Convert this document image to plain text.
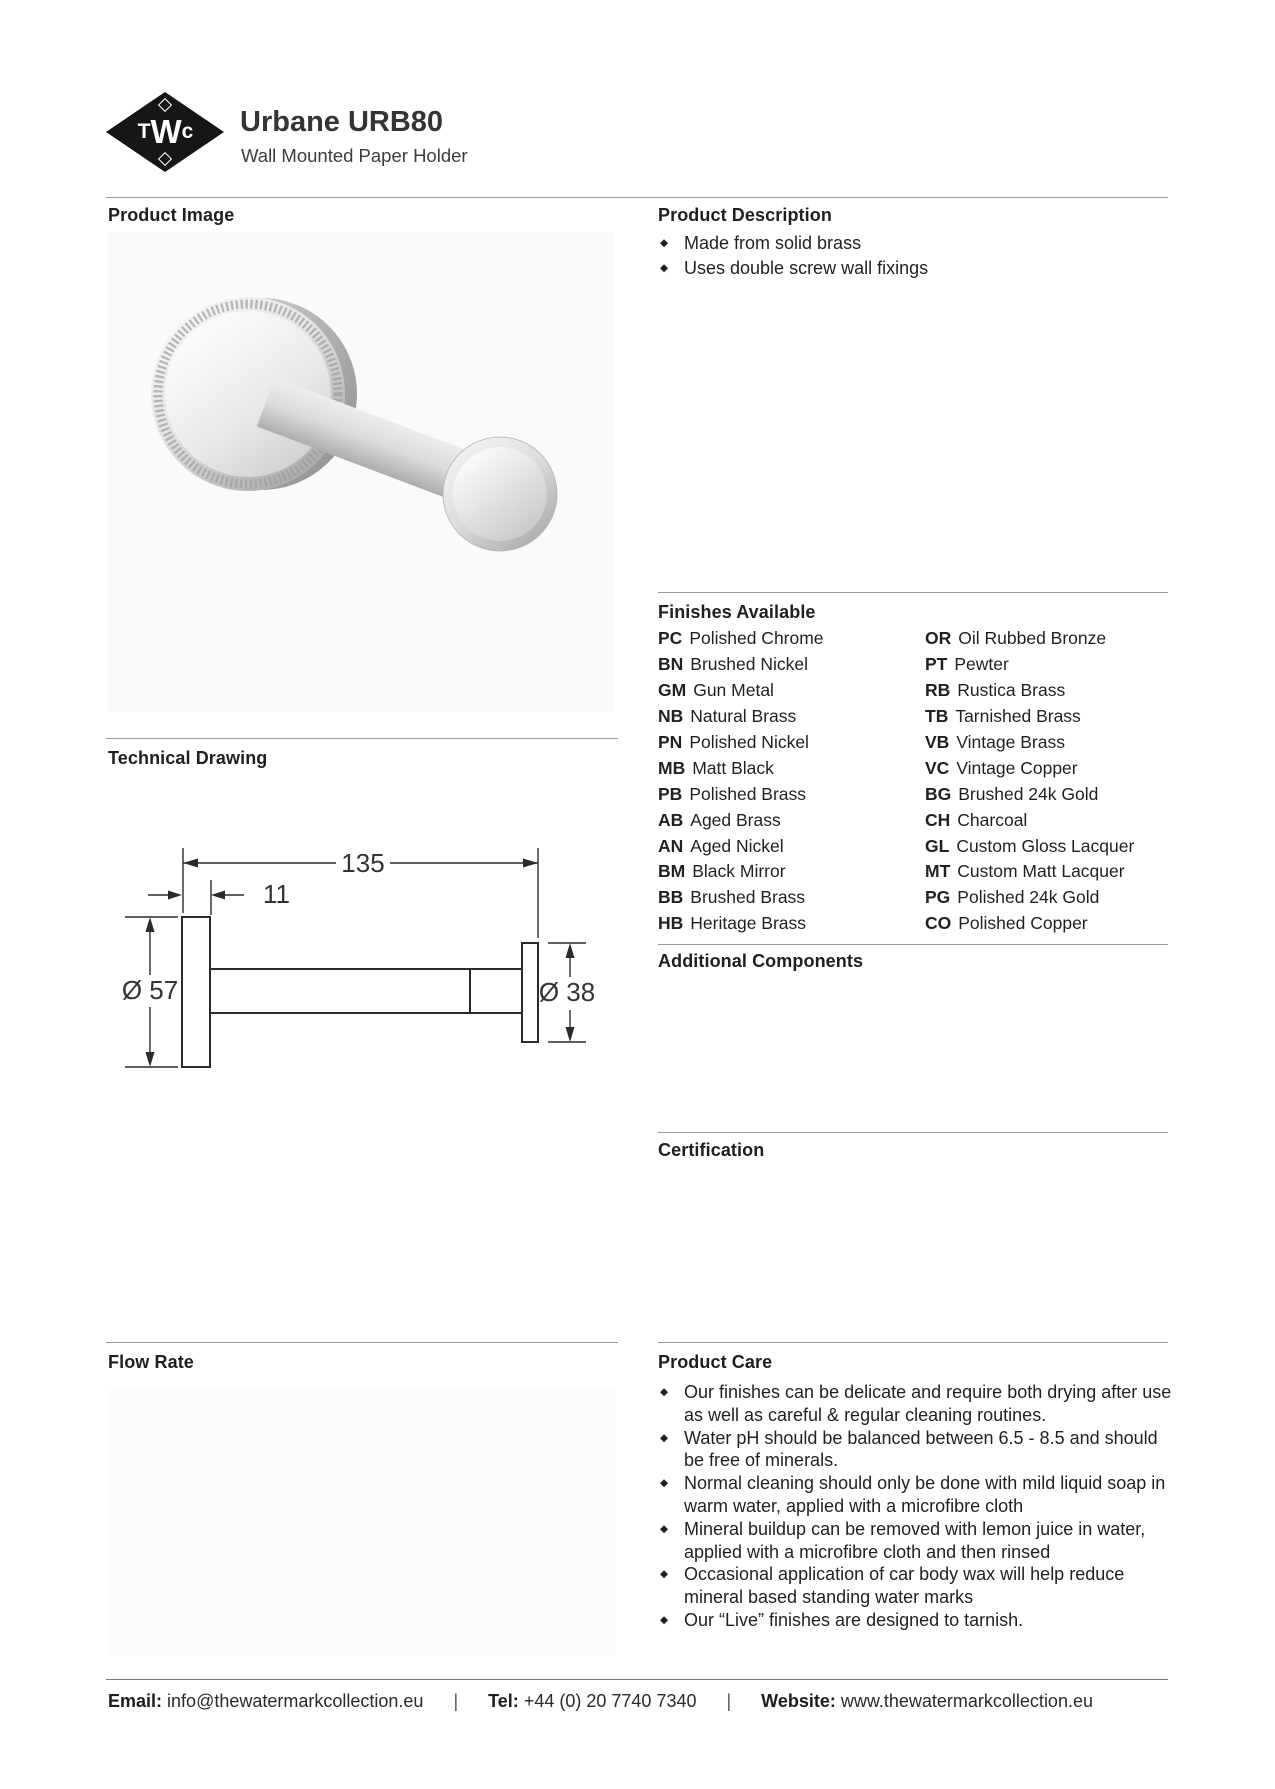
T W c Urbane URB80
Wall Mounted Paper Holder
Product Image
Technical Drawing
135
11
Ø 57	Ø 38
Product Description
◆ Made from solid brass
◆ Uses double screw wall fixings
Finishes Available
PC Polished Chrome
BN Brushed Nickel
GM Gun Metal
NB Natural Brass
PN Polished Nickel
MB Matt Black
PB Polished Brass
AB Aged Brass
AN Aged Nickel
BM Black Mirror
BB Brushed Brass
HB Heritage Brass
OR Oil Rubbed Bronze
PT Pewter
RB Rustica Brass
TB Tarnished Brass
VB Vintage Brass
VC Vintage Copper
BG Brushed 24k Gold
CH Charcoal
GL Custom Gloss Lacquer
MT Custom Matt Lacquer
PG Polished 24k Gold
CO Polished Copper
Additional Components
Certification
Flow Rate	Product Care
◆ Our finishes can be delicate and require both drying after use as well as careful & regular cleaning routines.
◆ Water pH should be balanced between 6.5 - 8.5 and should be free of minerals.
◆ Normal cleaning should only be done with mild liquid soap in warm water, applied with a microfibre cloth
◆ Mineral buildup can be removed with lemon juice in water, applied with a microfibre cloth and then rinsed
◆ Occasional application of car body wax will help reduce mineral based standing water marks
◆ Our “Live” finishes are designed to tarnish.
Email:
info@thewatermarkcollection.eu | Tel:
+44 (0) 20 7740 7340 | Website:
www.thewatermarkcollection.eu
